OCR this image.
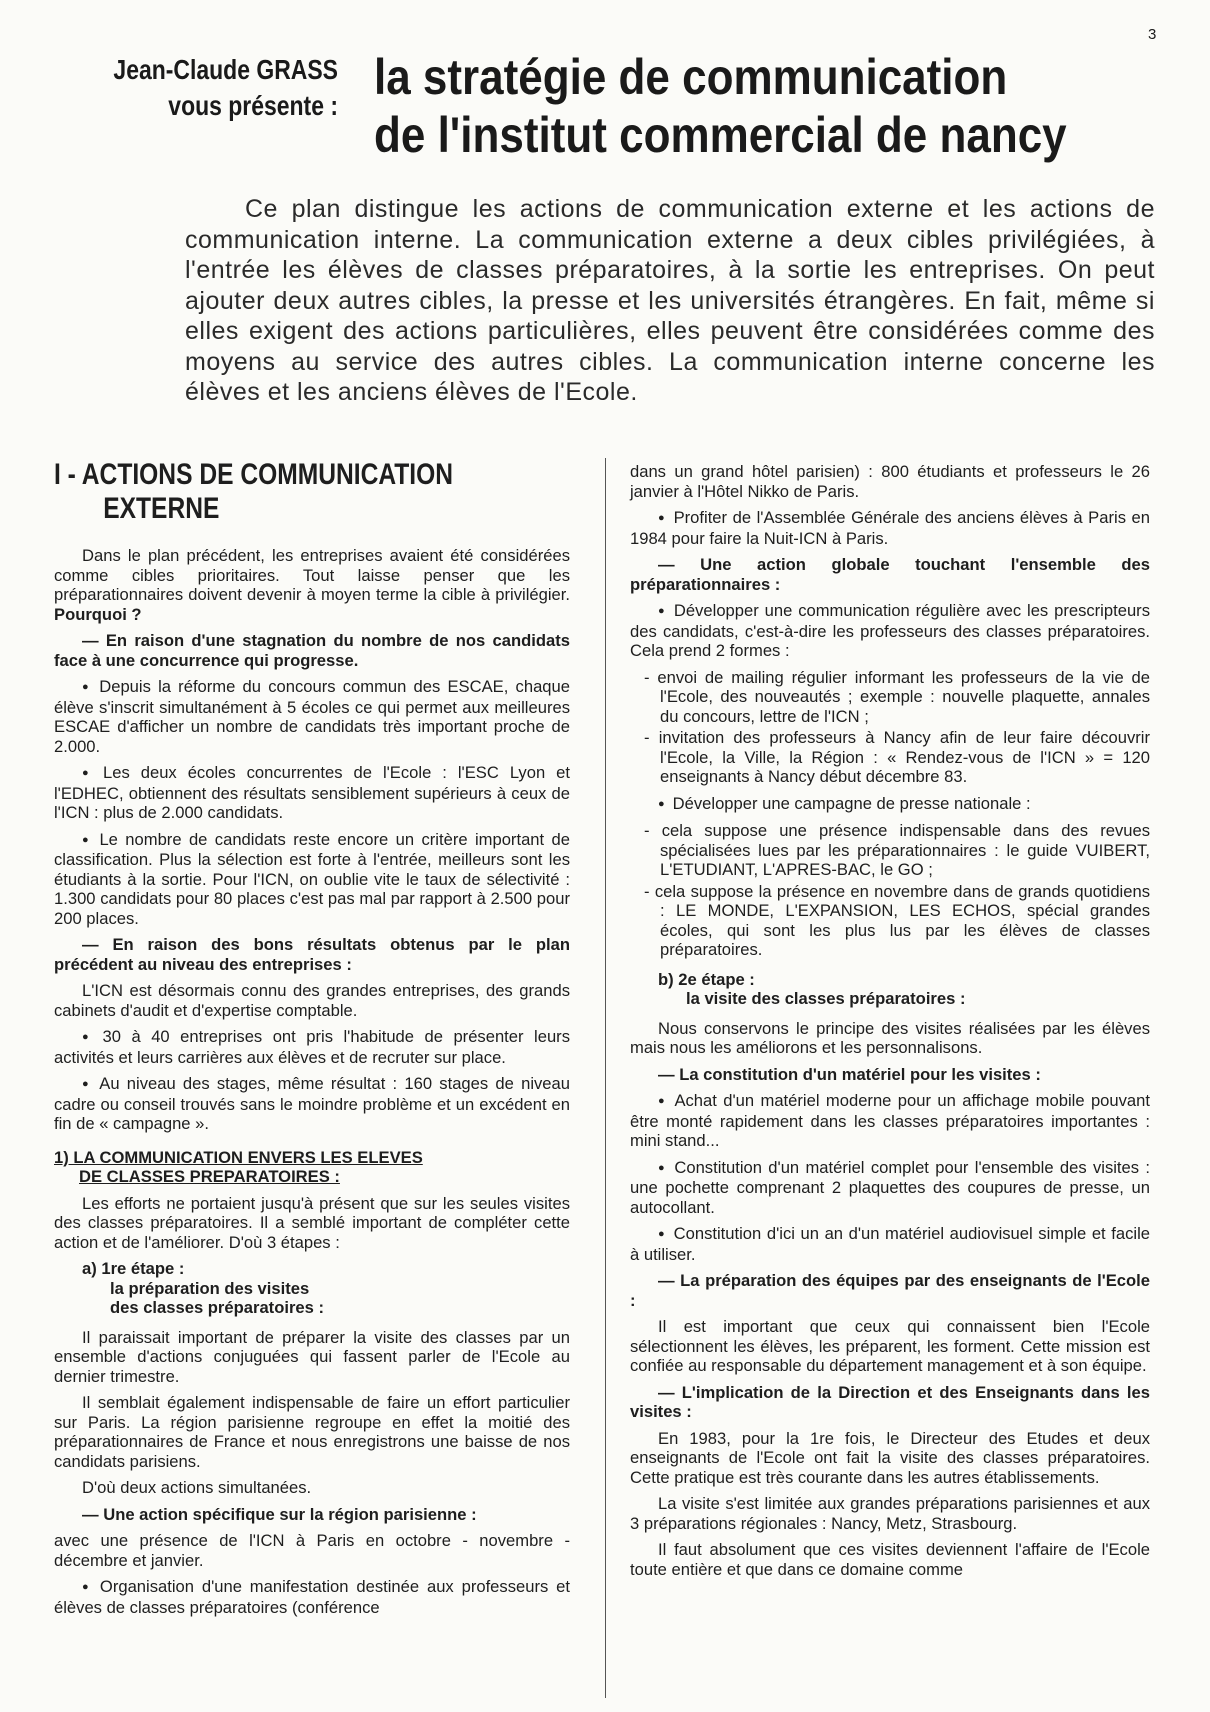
3
Jean-Claude GRASS
vous présente :
la stratégie de communication
de l'institut commercial de nancy

Ce plan distingue les actions de communication externe et les actions de communication interne. La communication externe a deux cibles privilégiées, à l'entrée les élèves de classes préparatoires, à la sortie les entreprises. On peut ajouter deux autres cibles, la presse et les universités étrangères. En fait, même si elles exigent des actions particulières, elles peuvent être considérées comme des moyens au service des autres cibles. La communication interne concerne les élèves et les anciens élèves de l'Ecole.

I - ACTIONS DE COMMUNICATION
EXTERNE

Dans le plan précédent, les entreprises avaient été considérées comme cibles prioritaires. Tout laisse penser que les préparationnaires doivent devenir à moyen terme la cible à privilégier. Pourquoi ?

— En raison d'une stagnation du nombre de nos candidats face à une concurrence qui progresse.

● Depuis la réforme du concours commun des ESCAE, chaque élève s'inscrit simultanément à 5 écoles ce qui permet aux meilleures ESCAE d'afficher un nombre de candidats très important proche de 2.000.

● Les deux écoles concurrentes de l'Ecole : l'ESC Lyon et l'EDHEC, obtiennent des résultats sensiblement supérieurs à ceux de l'ICN : plus de 2.000 candidats.

● Le nombre de candidats reste encore un critère important de classification. Plus la sélection est forte à l'entrée, meilleurs sont les étudiants à la sortie. Pour l'ICN, on oublie vite le taux de sélectivité : 1.300 candidats pour 80 places c'est pas mal par rapport à 2.500 pour 200 places.

— En raison des bons résultats obtenus par le plan précédent au niveau des entreprises :

L'ICN est désormais connu des grandes entreprises, des grands cabinets d'audit et d'expertise comptable.

● 30 à 40 entreprises ont pris l'habitude de présenter leurs activités et leurs carrières aux élèves et de recruter sur place.

● Au niveau des stages, même résultat : 160 stages de niveau cadre ou conseil trouvés sans le moindre problème et un excédent en fin de « campagne ».

1) LA COMMUNICATION ENVERS LES ELEVES
DE CLASSES PREPARATOIRES :

Les efforts ne portaient jusqu'à présent que sur les seules visites des classes préparatoires. Il a semblé important de compléter cette action et de l'améliorer. D'où 3 étapes :

a) 1re étape :
la préparation des visites
des classes préparatoires :

Il paraissait important de préparer la visite des classes par un ensemble d'actions conjuguées qui fassent parler de l'Ecole au dernier trimestre.

Il semblait également indispensable de faire un effort particulier sur Paris. La région parisienne regroupe en effet la moitié des préparationnaires de France et nous enregistrons une baisse de nos candidats parisiens.

D'où deux actions simultanées.

— Une action spécifique sur la région parisienne :

avec une présence de l'ICN à Paris en octobre - novembre - décembre et janvier.

● Organisation d'une manifestation destinée aux professeurs et élèves de classes préparatoires (conférence

dans un grand hôtel parisien) : 800 étudiants et professeurs le 26 janvier à l'Hôtel Nikko de Paris.

● Profiter de l'Assemblée Générale des anciens élèves à Paris en 1984 pour faire la Nuit-ICN à Paris.

— Une action globale touchant l'ensemble des préparationnaires :

● Développer une communication régulière avec les prescripteurs des candidats, c'est-à-dire les professeurs des classes préparatoires. Cela prend 2 formes :

- envoi de mailing régulier informant les professeurs de la vie de l'Ecole, des nouveautés ; exemple : nouvelle plaquette, annales du concours, lettre de l'ICN ;

- invitation des professeurs à Nancy afin de leur faire découvrir l'Ecole, la Ville, la Région : « Rendez-vous de l'ICN » = 120 enseignants à Nancy début décembre 83.

● Développer une campagne de presse nationale :

- cela suppose une présence indispensable dans des revues spécialisées lues par les préparationnaires : le guide VUIBERT, L'ETUDIANT, L'APRES-BAC, le GO ;

- cela suppose la présence en novembre dans de grands quotidiens : LE MONDE, L'EXPANSION, LES ECHOS, spécial grandes écoles, qui sont les plus lus par les élèves de classes préparatoires.

b) 2e étape :
la visite des classes préparatoires :

Nous conservons le principe des visites réalisées par les élèves mais nous les améliorons et les personnalisons.

— La constitution d'un matériel pour les visites :

● Achat d'un matériel moderne pour un affichage mobile pouvant être monté rapidement dans les classes préparatoires importantes : mini stand...

● Constitution d'un matériel complet pour l'ensemble des visites : une pochette comprenant 2 plaquettes des coupures de presse, un autocollant.

● Constitution d'ici un an d'un matériel audiovisuel simple et facile à utiliser.

— La préparation des équipes par des enseignants de l'Ecole :

Il est important que ceux qui connaissent bien l'Ecole sélectionnent les élèves, les préparent, les forment. Cette mission est confiée au responsable du département management et à son équipe.

— L'implication de la Direction et des Enseignants dans les visites :

En 1983, pour la 1re fois, le Directeur des Etudes et deux enseignants de l'Ecole ont fait la visite des classes préparatoires. Cette pratique est très courante dans les autres établissements.

La visite s'est limitée aux grandes préparations parisiennes et aux 3 préparations régionales : Nancy, Metz, Strasbourg.

Il faut absolument que ces visites deviennent l'affaire de l'Ecole toute entière et que dans ce domaine comme
